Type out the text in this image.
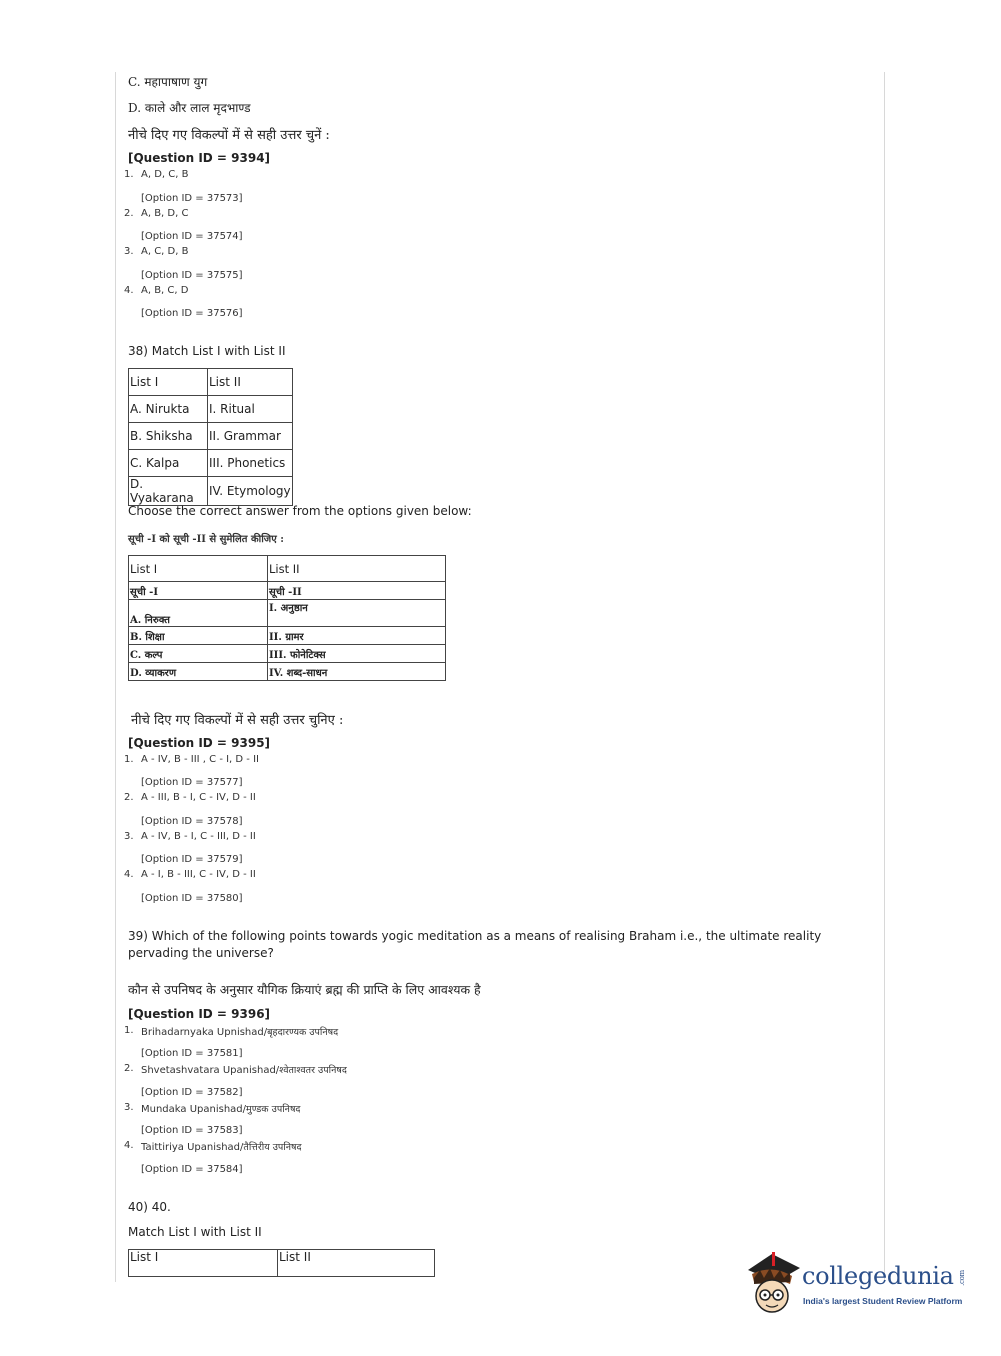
C. महापाषाण युग
D. काले और लाल मृदभाण्ड
नीचे दिए गए विकल्पों में से सही उत्तर चुनें :
[Question ID = 9394]
1. A, D, C, B
[Option ID = 37573]
2. A, B, D, C
[Option ID = 37574]
3. A, C, D, B
[Option ID = 37575]
4. A, B, C, D
[Option ID = 37576]
38) Match List I with List II
List I	List II
A. Nirukta	I. Ritual
B. Shiksha	II. Grammar
C. Kalpa	III. Phonetics
D. Vyakarana	IV. Etymology
Choose the correct answer from the options given below:
सूची -I को सूची -II से सुमेलित कीजिए :
List I	List II
सूची -I	सूची -II
A. निरुक्त	I. अनुष्ठान
B. शिक्षा	II. ग्रामर
C. कल्प	III. फोनेटिक्स
D. व्याकरण	IV. शब्द-साधन
नीचे दिए गए विकल्पों में से सही उत्तर चुनिए :
[Question ID = 9395]
1. A - IV, B - III , C - I, D - II
[Option ID = 37577]
2. A - III, B - I, C - IV, D - II
[Option ID = 37578]
3. A - IV, B - I, C - III, D - II
[Option ID = 37579]
4. A - I, B - III, C - IV, D - II
[Option ID = 37580]
39) Which of the following points towards yogic meditation as a means of realising Braham i.e., the ultimate reality
pervading the universe?
कौन से उपनिषद के अनुसार यौगिक क्रियाएं ब्रह्म की प्राप्ति के लिए आवश्यक है
[Question ID = 9396]
1. Brihadarnyaka Upnishad/बृहदारण्यक उपनिषद
[Option ID = 37581]
2. Shvetashvatara Upanishad/श्वेताश्वतर उपनिषद
[Option ID = 37582]
3. Mundaka Upanishad/मुण्डक उपनिषद
[Option ID = 37583]
4. Taittiriya Upanishad/तैत्तिरीय उपनिषद
[Option ID = 37584]
40) 40.
Match List I with List II
List I	List II
collegedunia .com
India's largest Student Review Platform
